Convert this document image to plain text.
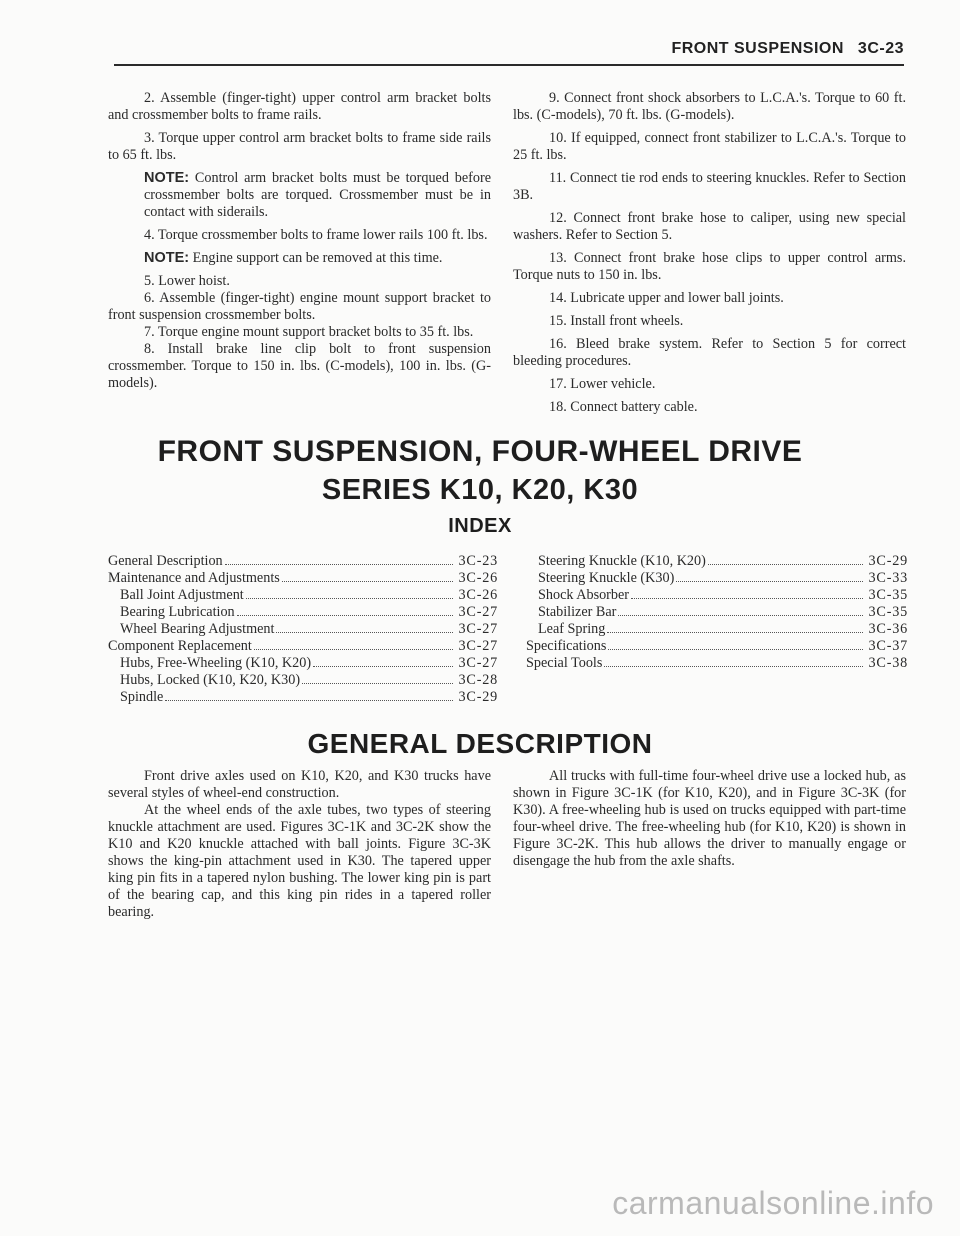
FRONT SUSPENSION 3C-23

2. Assemble (finger-tight) upper control arm bracket bolts and crossmember bolts to frame rails.

3. Torque upper control arm bracket bolts to frame side rails to 65 ft. lbs.

NOTE: Control arm bracket bolts must be torqued before crossmember bolts are torqued. Crossmember must be in contact with siderails.

4. Torque crossmember bolts to frame lower rails 100 ft. lbs.

NOTE: Engine support can be removed at this time.

5. Lower hoist.

6. Assemble (finger-tight) engine mount support bracket to front suspension crossmember bolts.

7. Torque engine mount support bracket bolts to 35 ft. lbs.

8. Install brake line clip bolt to front suspension crossmember. Torque to 150 in. lbs. (C-models), 100 in. lbs. (G-models).

9. Connect front shock absorbers to L.C.A.'s. Torque to 60 ft. lbs. (C-models), 70 ft. lbs. (G-models).

10. If equipped, connect front stabilizer to L.C.A.'s. Torque to 25 ft. lbs.

11. Connect tie rod ends to steering knuckles. Refer to Section 3B.

12. Connect front brake hose to caliper, using new special washers. Refer to Section 5.

13. Connect front brake hose clips to upper control arms. Torque nuts to 150 in. lbs.

14. Lubricate upper and lower ball joints.

15. Install front wheels.

16. Bleed brake system. Refer to Section 5 for correct bleeding procedures.

17. Lower vehicle.

18. Connect battery cable.

FRONT SUSPENSION, FOUR-WHEEL DRIVE
SERIES K10, K20, K30
INDEX
General Description	3C-23
Maintenance and Adjustments	3C-26
Ball Joint Adjustment	3C-26
Bearing Lubrication	3C-27
Wheel Bearing Adjustment	3C-27
Component Replacement	3C-27
Hubs, Free-Wheeling (K10, K20)	3C-27
Hubs, Locked (K10, K20, K30)	3C-28
Spindle	3C-29
Steering Knuckle (K10, K20)	3C-29
Steering Knuckle (K30)	3C-33
Shock Absorber	3C-35
Stabilizer Bar	3C-35
Leaf Spring	3C-36
Specifications	3C-37
Special Tools	3C-38
GENERAL DESCRIPTION

Front drive axles used on K10, K20, and K30 trucks have several styles of wheel-end construction.

At the wheel ends of the axle tubes, two types of steering knuckle attachment are used. Figures 3C-1K and 3C-2K show the K10 and K20 knuckle attached with ball joints. Figure 3C-3K shows the king-pin attachment used in K30. The tapered upper king pin fits in a tapered nylon bushing. The lower king pin is part of the bearing cap, and this king pin rides in a tapered roller bearing.

All trucks with full-time four-wheel drive use a locked hub, as shown in Figure 3C-1K (for K10, K20), and in Figure 3C-3K (for K30). A free-wheeling hub is used on trucks equipped with part-time four-wheel drive. The free-wheeling hub (for K10, K20) is shown in Figure 3C-2K. This hub allows the driver to manually engage or disengage the hub from the axle shafts.

carmanualsonline.info
